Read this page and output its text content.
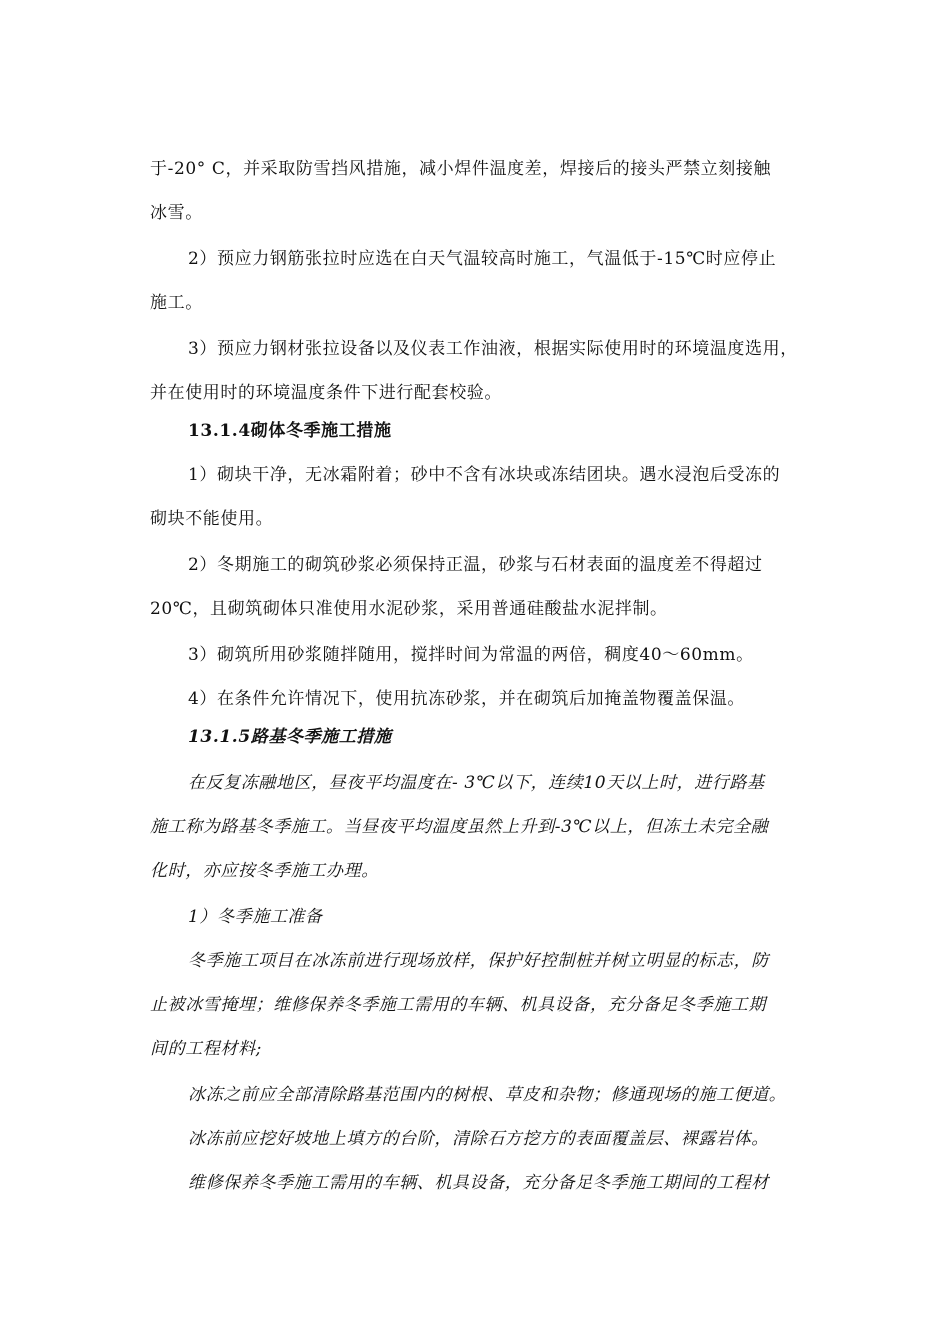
于-20° C，并采取防雪挡风措施，减小焊件温度差，焊接后的接头严禁立刻接触
冰雪。
2）预应力钢筋张拉时应选在白天气温较高时施工，气温低于-15℃时应停止
施工。
3）预应力钢材张拉设备以及仪表工作油液，根据实际使用时的环境温度选用，
并在使用时的环境温度条件下进行配套校验。
13.1.4砌体冬季施工措施
1）砌块干净，无冰霜附着；砂中不含有冰块或冻结团块。遇水浸泡后受冻的
砌块不能使用。
2）冬期施工的砌筑砂浆必须保持正温，砂浆与石材表面的温度差不得超过
20℃，且砌筑砌体只准使用水泥砂浆，采用普通硅酸盐水泥拌制。
3）砌筑所用砂浆随拌随用，搅拌时间为常温的两倍，稠度40～60mm。
4）在条件允许情况下，使用抗冻砂浆，并在砌筑后加掩盖物覆盖保温。
13.1.5路基冬季施工措施
在反复冻融地区，昼夜平均温度在- 3℃以下，连续10天以上时，进行路基
施工称为路基冬季施工。当昼夜平均温度虽然上升到-3℃以上，但冻土未完全融
化时，亦应按冬季施工办理。
1）冬季施工准备
冬季施工项目在冰冻前进行现场放样，保护好控制桩并树立明显的标志，防
止被冰雪掩埋；维修保养冬季施工需用的车辆、机具设备，充分备足冬季施工期
间的工程材料;
冰冻之前应全部清除路基范围内的树根、草皮和杂物；修通现场的施工便道。
冰冻前应挖好坡地上填方的台阶，清除石方挖方的表面覆盖层、裸露岩体。
维修保养冬季施工需用的车辆、机具设备，充分备足冬季施工期间的工程材
